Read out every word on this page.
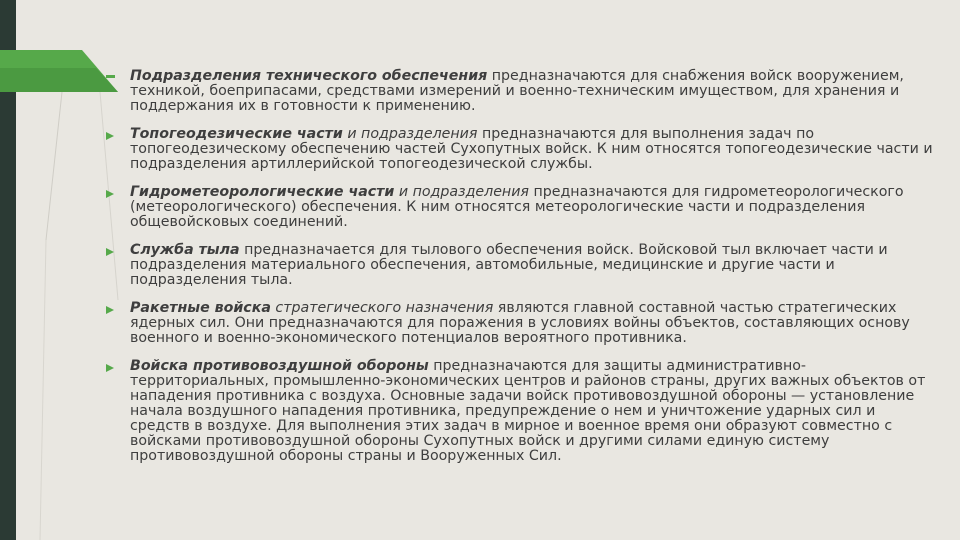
Подразделения технического обеспечения предназначаются для снабжения войск вооружением, техникой, боеприпасами, средствами измерений и военно-техническим имуществом, для хранения и поддержания их в готовности к применению.
Топогеодезические части и подразделения предназначаются для выполнения задач по топогеодезическому обеспечению частей Сухопутных войск. К ним относятся топогеодезические части и подразделения артиллерийской топогеодезической службы.
Гидрометеорологические части и подразделения предназначаются для гидрометеорологического (метеорологического) обеспечения. К ним относятся метеорологические части и подразделения общевойсковых соединений.
Служба тыла предназначается для тылового обеспечения войск. Войсковой тыл включает части и подразделения материального обеспечения, автомобильные, медицинские и другие части и подразделения тыла.
Ракетные войска стратегического назначения являются главной составной частью стратегических ядерных сил. Они предназначаются для поражения в условиях войны объектов, составляющих основу военного и военно-экономического потенциалов вероятного противника.
Войска противовоздушной обороны предназначаются для защиты административно-территориальных, промышленно-экономических центров и районов страны, других важных объектов от нападения противника с воздуха. Основные задачи войск противовоздушной обороны — установление начала воздушного нападения противника, предупреждение о нем и уничтожение ударных сил и средств в воздухе. Для выполнения этих задач в мирное и военное время они образуют совместно с войсками противовоздушной обороны Сухопутных войск и другими силами единую систему противовоздушной обороны страны и Вооруженных Сил.
